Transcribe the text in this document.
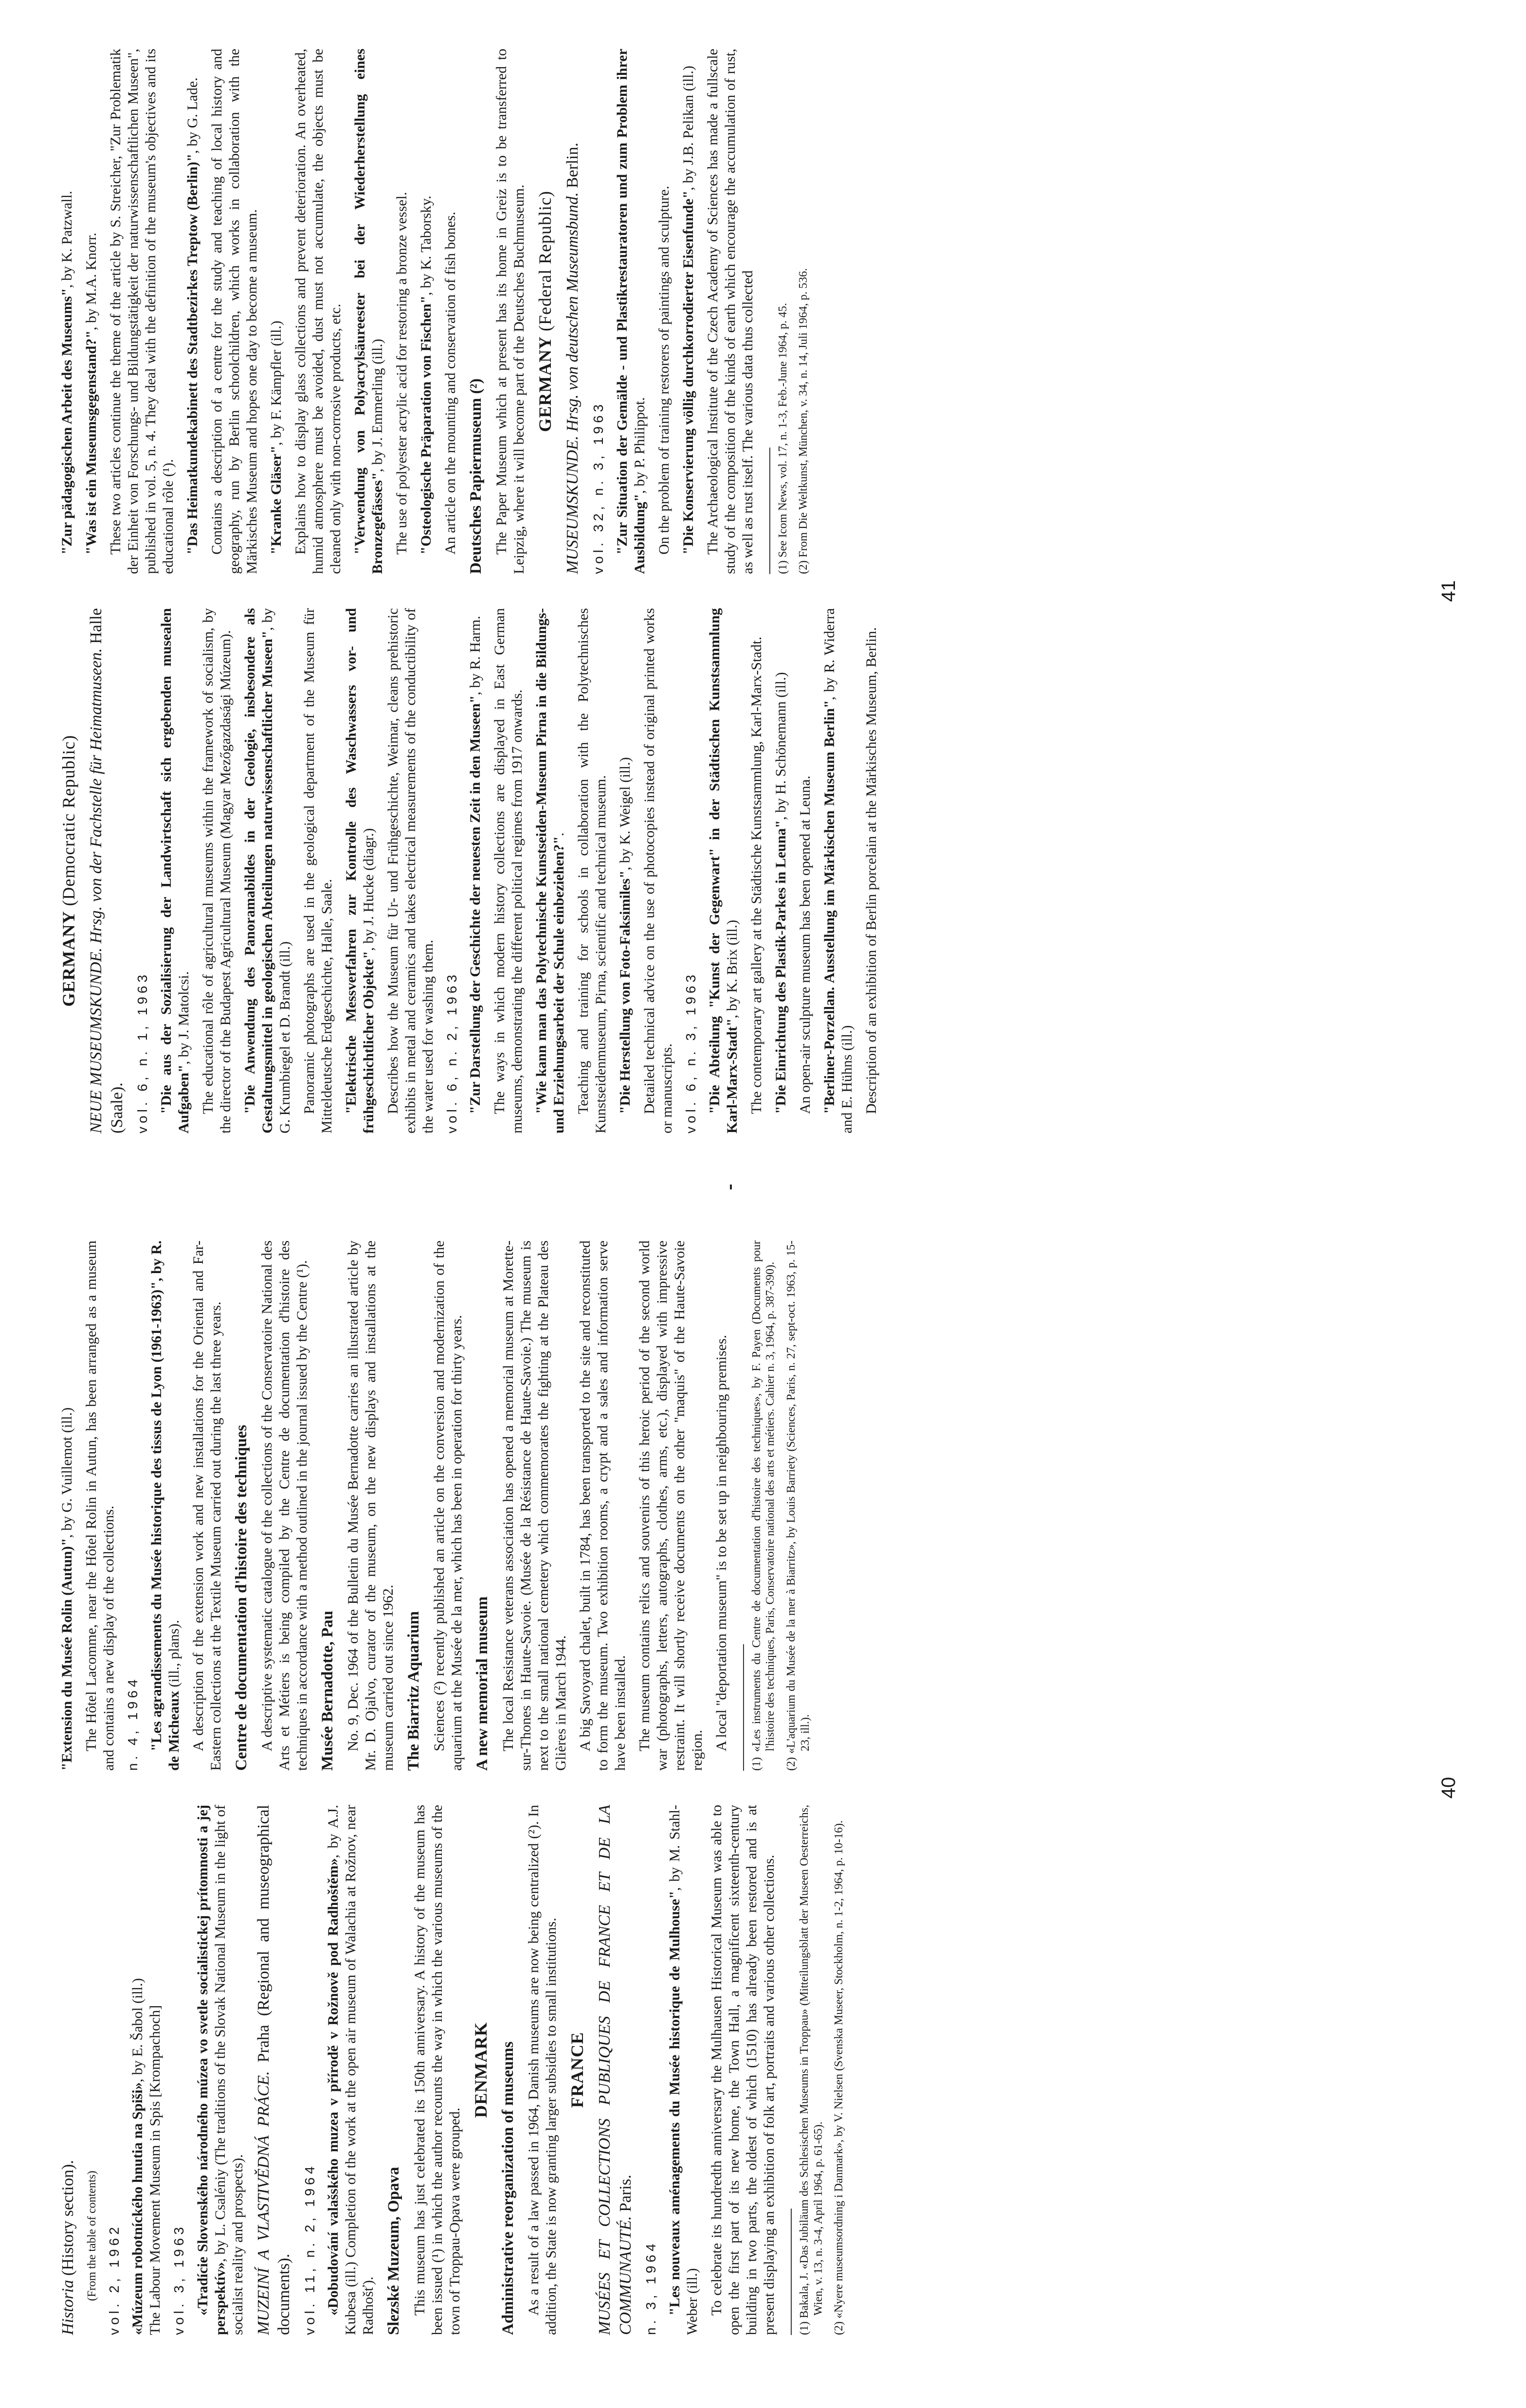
Historia (History section). (From the table of contents) vol. 2, 1962 «Múzeum robotníckého hnutia na Spiši», by E. Šabol (ill.) The Labour Movement Museum in Spis [Krompachoch] vol. 3, 1963 «Tradície Slovenského národného múzea vo svetle socialistickej prítomnosti a jej perspektív», by L. Csaléniy (The traditions of the Slovak National Museum in the light of socialist reality and prospects). MUZEINÍ A VLASTIVĚDNÁ PRÁCE. Praha (Regional and museographical documents). vol. 11, n. 2, 1964 «Dobudování valašského muzea v přírodě v Rožnově pod Radhoštěm», by A.J. Kubesa (ill.) Completion of the work at the open air museum of Walachia at Rožnov, near Radhošť). Slezské Muzeum, Opava This museum has just celebrated its 150th anniversary. A history of the museum has been issued (¹) in which the author recounts the way in which the various museums of the town of Troppau-Opava were grouped.

DENMARK Administrative reorganization of museums As a result of a law passed in 1964, Danish museums are now being centralized (²). In addition, the State is now granting larger subsidies to small institutions. FRANCE MUSÉES ET COLLECTIONS PUBLIQUES DE FRANCE ET DE LA COMMUNAUTÉ. Paris.

n. 3, 1964 "Les nouveaux aménagements du Musée historique de Mulhouse", by M. Stahl-Weber (ill.) To celebrate its hundredth anniversary the Mulhausen Historical Museum was able to open the first part of its new home, the Town Hall, a magnificent sixteenth-century building in two parts, the oldest of which (1510) has already been restored and is at present displaying an exhibition of folk art, portraits and various other collections. (1) Bakala, J. «Das Jubiläum des Schlesischen Museums in Troppau» (Mitteilungsblatt der Museen Oesterreichs, Wien, v. 13, n. 3-4, April 1964, p. 61-65). (2) «Nyere museumsordning i Danmark», by V. Nielsen (Svenska Museer, Stockholm, n. 1-2, 1964, p. 10-16).

"Extension du Musée Rolin (Autun)", by G. Vuillemot (ill.) The Hôtel Lacomme, near the Hôtel Rolin in Autun, has been arranged as a museum and contains a new display of the collections. n. 4, 1964 "Les agrandissements du Musée historique des tissus de Lyon (1961-1963)", by R. de Micheaux (ill., plans). A description of the extension work and new installations for the Oriental and Far-Eastern collections at the Textile Museum carried out during the last three years. Centre de documentation d'histoire des techniques A descriptive systematic catalogue of the collections of the Conservatoire National des Arts et Métiers is being compiled by the Centre de documentation d'histoire des techniques in accordance with a method outlined in the journal issued by the Centre (¹). Musée Bernadotte, Pau No. 9, Dec. 1964 of the Bulletin du Musée Bernadotte carries an illustrated article by Mr. D. Ojalvo, curator of the museum, on the new displays and installations at the museum carried out since 1962. The Biarritz Aquarium Sciences (²) recently published an article on the conversion and modernization of the aquarium at the Musée de la mer, which has been in operation for thirty years. A new memorial museum The local Resistance veterans association has opened a memorial museum at Morette-sur-Thones in Haute-Savoie. (Musée de la Résistance de Haute-Savoie.) The museum is next to the small national cemetery which commemorates the fighting at the Plateau des Glières in March 1944. A big Savoyard chalet, built in 1784, has been transported to the site and reconstituted to form the museum. Two exhibition rooms, a crypt and a sales and information serve have been installed. The museum contains relics and souvenirs of this heroic period of the second world war (photographs, letters, autographs, clothes, arms, etc.), displayed with impressive restraint. It will shortly receive documents on the other "maquis" of the Haute-Savoie region. A local "deportation museum" is to be set up in neighbouring premises. (1) «Les instruments du Centre de documentation d'histoire des techniques», by F. Payen (Documents pour l'histoire des techniques, Paris, Conservatoire national des arts et métiers. Cahier n. 3, 1964, p. 387-390). (2) «L'aquarium du Musée de la mer à Biarritz», by Louis Barriety (Sciences, Paris, n. 27, sept-oct. 1963, p. 15-23, ill.).

40

GERMANY (Democratic Republic) NEUE MUSEUMSKUNDE. Hrsg. von der Fachstelle für Heimatmuseen. Halle (Saale). vol. 6, n. 1, 1963 "Die aus der Sozialisierung der Landwirtschaft sich ergebenden musealen Aufgaben", by J. Matolcsi. The educational rôle of agricultural museums within the framework of socialism, by the director of the Budapest Agricultural Museum (Magyar Mezőgazdasági Múzeum). "Die Anwendung des Panoramabildes in der Geologie, insbesondere als Gestaltungsmittel in geologischen Abteilungen naturwissenschaftlicher Museen", by G. Krumbiegel et D. Brandt (ill.) Panoramic photographs are used in the geological department of the Museum für Mitteldeutsche Erdgeschichte, Halle, Saale. "Elektrische Messverfahren zur Kontrolle des Waschwassers vor- und frühgeschichtlicher Objekte", by J. Hucke (diagr.) Describes how the Museum für Ur- und Frühgeschichte, Weimar, cleans prehistoric exhibits in metal and ceramics and takes electrical measurements of the conductibility of the water used for washing them. vol. 6, n. 2, 1963 "Zur Darstellung der Geschichte der neuesten Zeit in den Museen", by R. Harm. The ways in which modern history collections are displayed in East German museums, demonstrating the different political regimes from 1917 onwards. "Wie kann man das Polytechnische Kunstseiden-Museum Pirna in die Bildungs- und Erziehungsarbeit der Schule einbeziehen?". Teaching and training for schools in collaboration with the Polytechnisches Kunstseidenmuseum, Pirna, scientific and technical museum. "Die Herstellung von Foto-Faksimiles", by K. Weigel (ill.) Detailed technical advice on the use of photocopies instead of original printed works or manuscripts. vol. 6, n. 3, 1963 "Die Abteilung "Kunst der Gegenwart" in der Städtischen Kunstsammlung Karl-Marx-Stadt", by K. Brix (ill.) The contemporary art gallery at the Städtische Kunstsammlung, Karl-Marx-Stadt. "Die Einrichtung des Plastik-Parkes in Leuna", by H. Schönemann (ill.)

An open-air sculpture museum has been opened at Leuna. "Berliner-Porzellan. Ausstellung im Märkischen Museum Berlin", by R. Widerra and E. Hühns (ill.) Description of an exhibition of Berlin porcelain at the Märkisches Museum, Berlin.

"Zur pädagogischen Arbeit des Museums", by K. Patzwall.

"Was ist ein Museumsgegenstand?", by M.A. Knorr. These two articles continue the theme of the article by S. Streicher, "Zur Problematik der Einheit von Forschungs- und Bildungstätigkeit der naturwissenschaftlichen Museen", published in vol. 5, n. 4. They deal with the definition of the museum's objectives and its educational rôle (¹). "Das Heimatkundekabinett des Stadtbezirkes Treptow (Berlin)", by G. Lade. Contains a description of a centre for the study and teaching of local history and geography, run by Berlin schoolchildren, which works in collaboration with the Märkisches Museum and hopes one day to become a museum. "Kranke Gläser", by F. Kämpfler (ill.) Explains how to display glass collections and prevent deterioration. An overheated, humid atmosphere must be avoided, dust must not accumulate, the objects must be cleaned only with non-corrosive products, etc. "Verwendung von Polyacrylsäureester bei der Wiederherstellung eines Bronzegefässes", by J. Emmerling (ill.) The use of polyester acrylic acid for restoring a bronze vessel. "Osteologische Präparation von Fischen", by K. Taborsky. An article on the mounting and conservation of fish bones. Deutsches Papiermuseum (²) The Paper Museum which at present has its home in Greiz is to be transferred to Leipzig, where it will become part of the Deutsches Buchmuseum. GERMANY (Federal Republic) MUSEUMSKUNDE. Hrsg. von deutschen Museumsbund. Berlin.

vol. 32, n. 3, 1963 "Zur Situation der Gemälde - und Plastikrestauratoren und zum Problem ihrer Ausbildung", by P. Philippot. On the problem of training restorers of paintings and sculpture. "Die Konservierung völlig durchkorrodierter Eisenfunde", by J.B. Pelikan (ill.) The Archaeological Institute of the Czech Academy of Sciences has made a fullscale study of the composition of the kinds of earth which encourage the accumulation of rust, as well as rust itself. The various data thus collected (1) See Icom News, vol. 17, n. 1-3, Feb.-June 1964, p. 45. (2) From Die Weltkunst, München, v. 34, n. 14, Juli 1964, p. 536.

41
